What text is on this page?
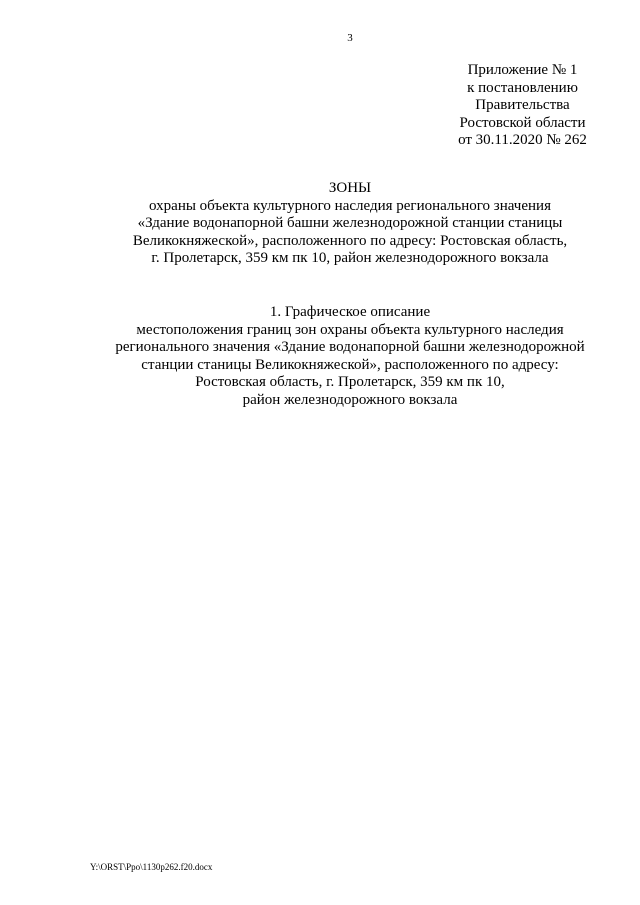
3
Приложение № 1
к постановлению
Правительства
Ростовской области
от 30.11.2020 № 262
ЗОНЫ
охраны объекта культурного наследия регионального значения
«Здание водонапорной башни железнодорожной станции станицы
Великокняжеской», расположенного по адресу: Ростовская область,
г. Пролетарск, 359 км пк 10, район железнодорожного вокзала
1. Графическое описание
местоположения границ зон охраны объекта культурного наследия
регионального значения «Здание водонапорной башни железнодорожной
станции станицы Великокняжеской», расположенного по адресу:
Ростовская область, г. Пролетарск, 359 км пк 10,
район железнодорожного вокзала
Y:\ORST\Ppo\1130p262.f20.docx
